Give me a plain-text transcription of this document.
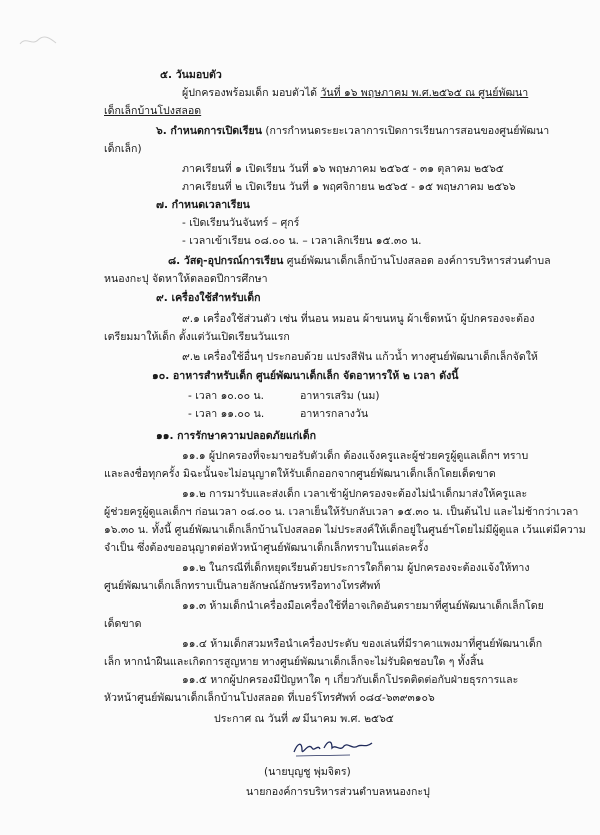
๕. วันมอบตัว
ผู้ปกครองพร้อมเด็ก มอบตัวได้ วันที่ ๑๖ พฤษภาคม พ.ศ.๒๕๖๕ ณ ศูนย์พัฒนา
เด็กเล็กบ้านโปงสลอด
๖. กำหนดการเปิดเรียน (การกำหนดระยะเวลาการเปิดการเรียนการสอนของศูนย์พัฒนา
เด็กเล็ก)
ภาคเรียนที่ ๑ เปิดเรียน วันที่ ๑๖ พฤษภาคม ๒๕๖๕ - ๓๑ ตุลาคม ๒๕๖๕
ภาคเรียนที่ ๒ เปิดเรียน วันที่ ๑ พฤศจิกายน ๒๕๖๕ - ๑๕ พฤษภาคม ๒๕๖๖
๗. กำหนดเวลาเรียน
- เปิดเรียนวันจันทร์ – ศุกร์
- เวลาเข้าเรียน ๐๘.๐๐ น. – เวลาเลิกเรียน ๑๕.๓๐ น.
๘. วัสดุ-อุปกรณ์การเรียน ศูนย์พัฒนาเด็กเล็กบ้านโปงสลอด องค์การบริหารส่วนตำบล
หนองกะปุ จัดหาให้ตลอดปีการศึกษา
๙. เครื่องใช้สำหรับเด็ก
๙.๑ เครื่องใช้ส่วนตัว เช่น ที่นอน หมอน ผ้าขนหนู ผ้าเช็ดหน้า ผู้ปกครองจะต้อง
เตรียมมาให้เด็ก ตั้งแต่วันเปิดเรียนวันแรก
๙.๒ เครื่องใช้อื่นๆ ประกอบด้วย แปรงสีฟัน แก้วน้ำ ทางศูนย์พัฒนาเด็กเล็กจัดให้
๑๐. อาหารสำหรับเด็ก ศูนย์พัฒนาเด็กเล็ก จัดอาหารให้ ๒ เวลา ดังนี้
- เวลา ๑๐.๐๐ น.	อาหารเสริม (นม)
- เวลา ๑๑.๐๐ น.	อาหารกลางวัน
๑๑. การรักษาความปลอดภัยแก่เด็ก
๑๑.๑ ผู้ปกครองที่จะมาขอรับตัวเด็ก ต้องแจ้งครูและผู้ช่วยครูผู้ดูแลเด็กฯ ทราบ
และลงชื่อทุกครั้ง มิฉะนั้นจะไม่อนุญาตให้รับเด็กออกจากศูนย์พัฒนาเด็กเล็กโดยเด็ดขาด
๑๑.๒ การมารับและส่งเด็ก เวลาเช้าผู้ปกครองจะต้องไม่นำเด็กมาส่งให้ครูและ
ผู้ช่วยครูผู้ดูแลเด็กฯ ก่อนเวลา ๐๘.๐๐ น. เวลาเย็นให้รับกลับเวลา ๑๕.๓๐ น. เป็นต้นไป และไม่ช้ากว่าเวลา
๑๖.๓๐ น. ทั้งนี้ ศูนย์พัฒนาเด็กเล็กบ้านโปงสลอด ไม่ประสงค์ให้เด็กอยู่ในศูนย์ฯโดยไม่มีผู้ดูแล เว้นแต่มีความ
จำเป็น ซึ่งต้องขออนุญาตต่อหัวหน้าศูนย์พัฒนาเด็กเล็กทราบในแต่ละครั้ง
๑๑.๒ ในกรณีที่เด็กหยุดเรียนด้วยประการใดก็ตาม ผู้ปกครองจะต้องแจ้งให้ทาง
ศูนย์พัฒนาเด็กเล็กทราบเป็นลายลักษณ์อักษรหรือทางโทรศัพท์
๑๑.๓ ห้ามเด็กนำเครื่องมือเครื่องใช้ที่อาจเกิดอันตรายมาที่ศูนย์พัฒนาเด็กเล็กโดย
เด็ดขาด
๑๑.๔ ห้ามเด็กสวมหรือนำเครื่องประดับ ของเล่นที่มีราคาแพงมาที่ศูนย์พัฒนาเด็ก
เล็ก หากนำฝืนและเกิดการสูญหาย ทางศูนย์พัฒนาเด็กเล็กจะไม่รับผิดชอบใด ๆ ทั้งสิ้น
๑๑.๕ หากผู้ปกครองมีปัญหาใด ๆ เกี่ยวกับเด็กโปรดติดต่อกับฝ่ายธุรการและ
หัวหน้าศูนย์พัฒนาเด็กเล็กบ้านโปงสลอด ที่เบอร์โทรศัพท์ ๐๘๔-๖๓๙๓๑๐๖
ประกาศ ณ วันที่ ๗ มีนาคม พ.ศ. ๒๕๖๕
(นายบุญชู พุ่มจิตร)
นายกองค์การบริหารส่วนตำบลหนองกะปุ
